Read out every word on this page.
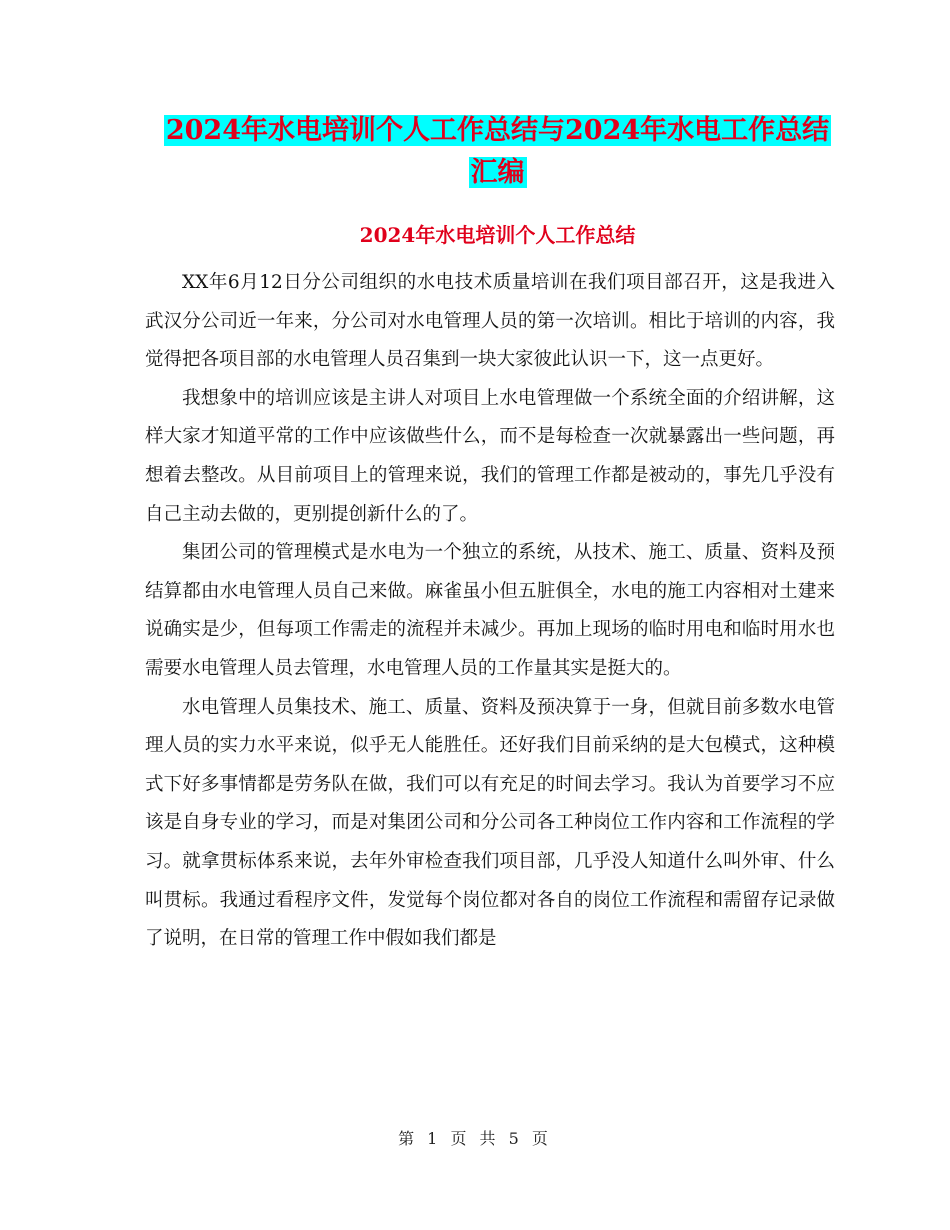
2024年水电培训个人工作总结与2024年水电工作总结
汇编
2024年水电培训个人工作总结

XX年6月12日分公司组织的水电技术质量培训在我们项目部召开，这是我进入武汉分公司近一年来，分公司对水电管理人员的第一次培训。相比于培训的内容，我觉得把各项目部的水电管理人员召集到一块大家彼此认识一下，这一点更好。

我想象中的培训应该是主讲人对项目上水电管理做一个系统全面的介绍讲解，这样大家才知道平常的工作中应该做些什么，而不是每检查一次就暴露出一些问题，再想着去整改。从目前项目上的管理来说，我们的管理工作都是被动的，事先几乎没有自己主动去做的，更别提创新什么的了。

集团公司的管理模式是水电为一个独立的系统，从技术、施工、质量、资料及预结算都由水电管理人员自己来做。麻雀虽小但五脏俱全，水电的施工内容相对土建来说确实是少，但每项工作需走的流程并未减少。再加上现场的临时用电和临时用水也需要水电管理人员去管理，水电管理人员的工作量其实是挺大的。

水电管理人员集技术、施工、质量、资料及预决算于一身，但就目前多数水电管理人员的实力水平来说，似乎无人能胜任。还好我们目前采纳的是大包模式，这种模式下好多事情都是劳务队在做，我们可以有充足的时间去学习。我认为首要学习不应该是自身专业的学习，而是对集团公司和分公司各工种岗位工作内容和工作流程的学习。就拿贯标体系来说，去年外审检查我们项目部，几乎没人知道什么叫外审、什么叫贯标。我通过看程序文件，发觉每个岗位都对各自的岗位工作流程和需留存记录做了说明，在日常的管理工作中假如我们都是

第 1 页 共 5 页
